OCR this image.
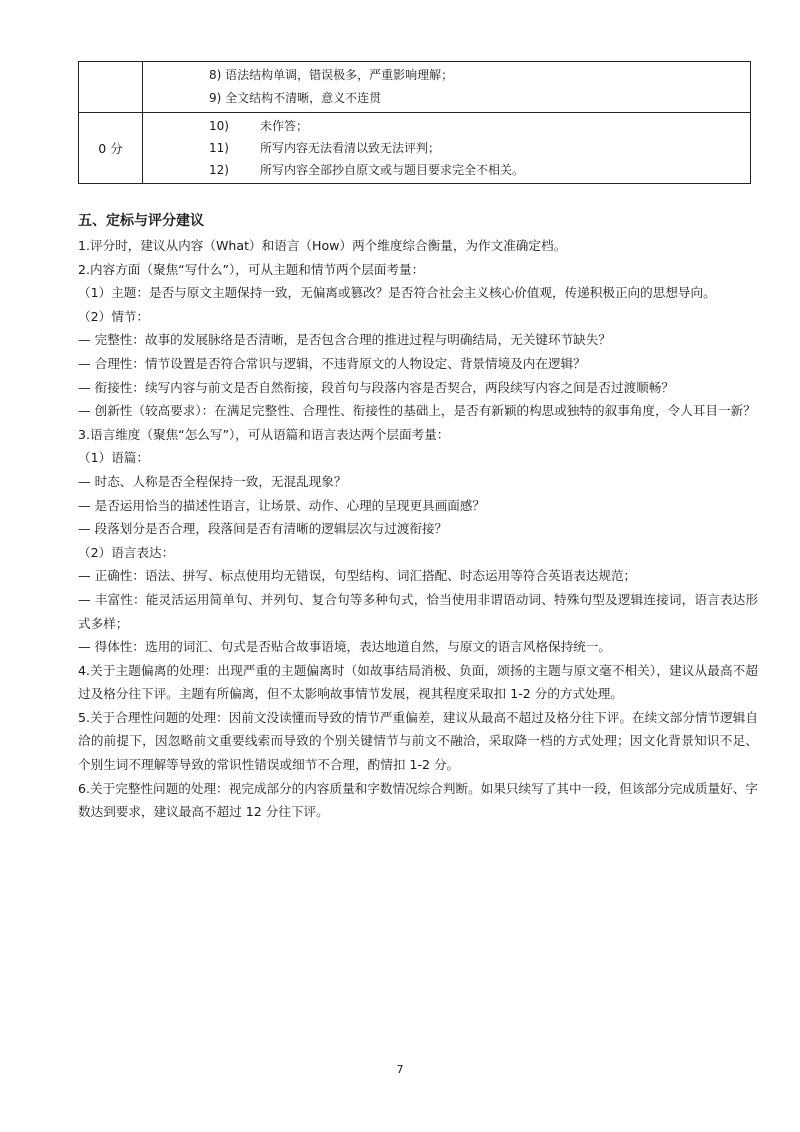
	8) 语法结构单调，错误极多，严重影响理解；
9) 全文结构不清晰，意义不连贯

0 分	10) 未作答；
11) 所写内容无法看清以致无法评判；
12) 所写内容全部抄自原文或与题目要求完全不相关。
五、定标与评分建议

1.评分时，建议从内容（What）和语言（How）两个维度综合衡量，为作文准确定档。

2.内容方面（聚焦“写什么”），可从主题和情节两个层面考量：

（1）主题：是否与原文主题保持一致，无偏离或篡改？是否符合社会主义核心价值观，传递积极正向的思想导向。

（2）情节：

— 完整性：故事的发展脉络是否清晰，是否包含合理的推进过程与明确结局，无关键环节缺失？

— 合理性：情节设置是否符合常识与逻辑，不违背原文的人物设定、背景情境及内在逻辑？

— 衔接性：续写内容与前文是否自然衔接，段首句与段落内容是否契合，两段续写内容之间是否过渡顺畅？

— 创新性（较高要求）：在满足完整性、合理性、衔接性的基础上，是否有新颖的构思或独特的叙事角度，令人耳目一新？

3.语言维度（聚焦“怎么写”），可从语篇和语言表达两个层面考量：

（1）语篇：

— 时态、人称是否全程保持一致，无混乱现象？

— 是否运用恰当的描述性语言，让场景、动作、心理的呈现更具画面感？

— 段落划分是否合理，段落间是否有清晰的逻辑层次与过渡衔接？

（2）语言表达：

— 正确性：语法、拼写、标点使用均无错误，句型结构、词汇搭配、时态运用等符合英语表达规范；

— 丰富性：能灵活运用简单句、并列句、复合句等多种句式，恰当使用非谓语动词、特殊句型及逻辑连接词，语言表达形式多样；

— 得体性：选用的词汇、句式是否贴合故事语境，表达地道自然，与原文的语言风格保持统一。

4.关于主题偏离的处理：出现严重的主题偏离时（如故事结局消极、负面，颂扬的主题与原文毫不相关），建议从最高不超过及格分往下评。主题有所偏离，但不太影响故事情节发展，视其程度采取扣 1-2 分的方式处理。

5.关于合理性问题的处理：因前文没读懂而导致的情节严重偏差，建议从最高不超过及格分往下评。在续文部分情节逻辑自洽的前提下，因忽略前文重要线索而导致的个别关键情节与前文不融洽，采取降一档的方式处理；因文化背景知识不足、个别生词不理解等导致的常识性错误或细节不合理，酌情扣 1-2 分。

6.关于完整性问题的处理：视完成部分的内容质量和字数情况综合判断。如果只续写了其中一段，但该部分完成质量好、字数达到要求，建议最高不超过 12 分往下评。

7
